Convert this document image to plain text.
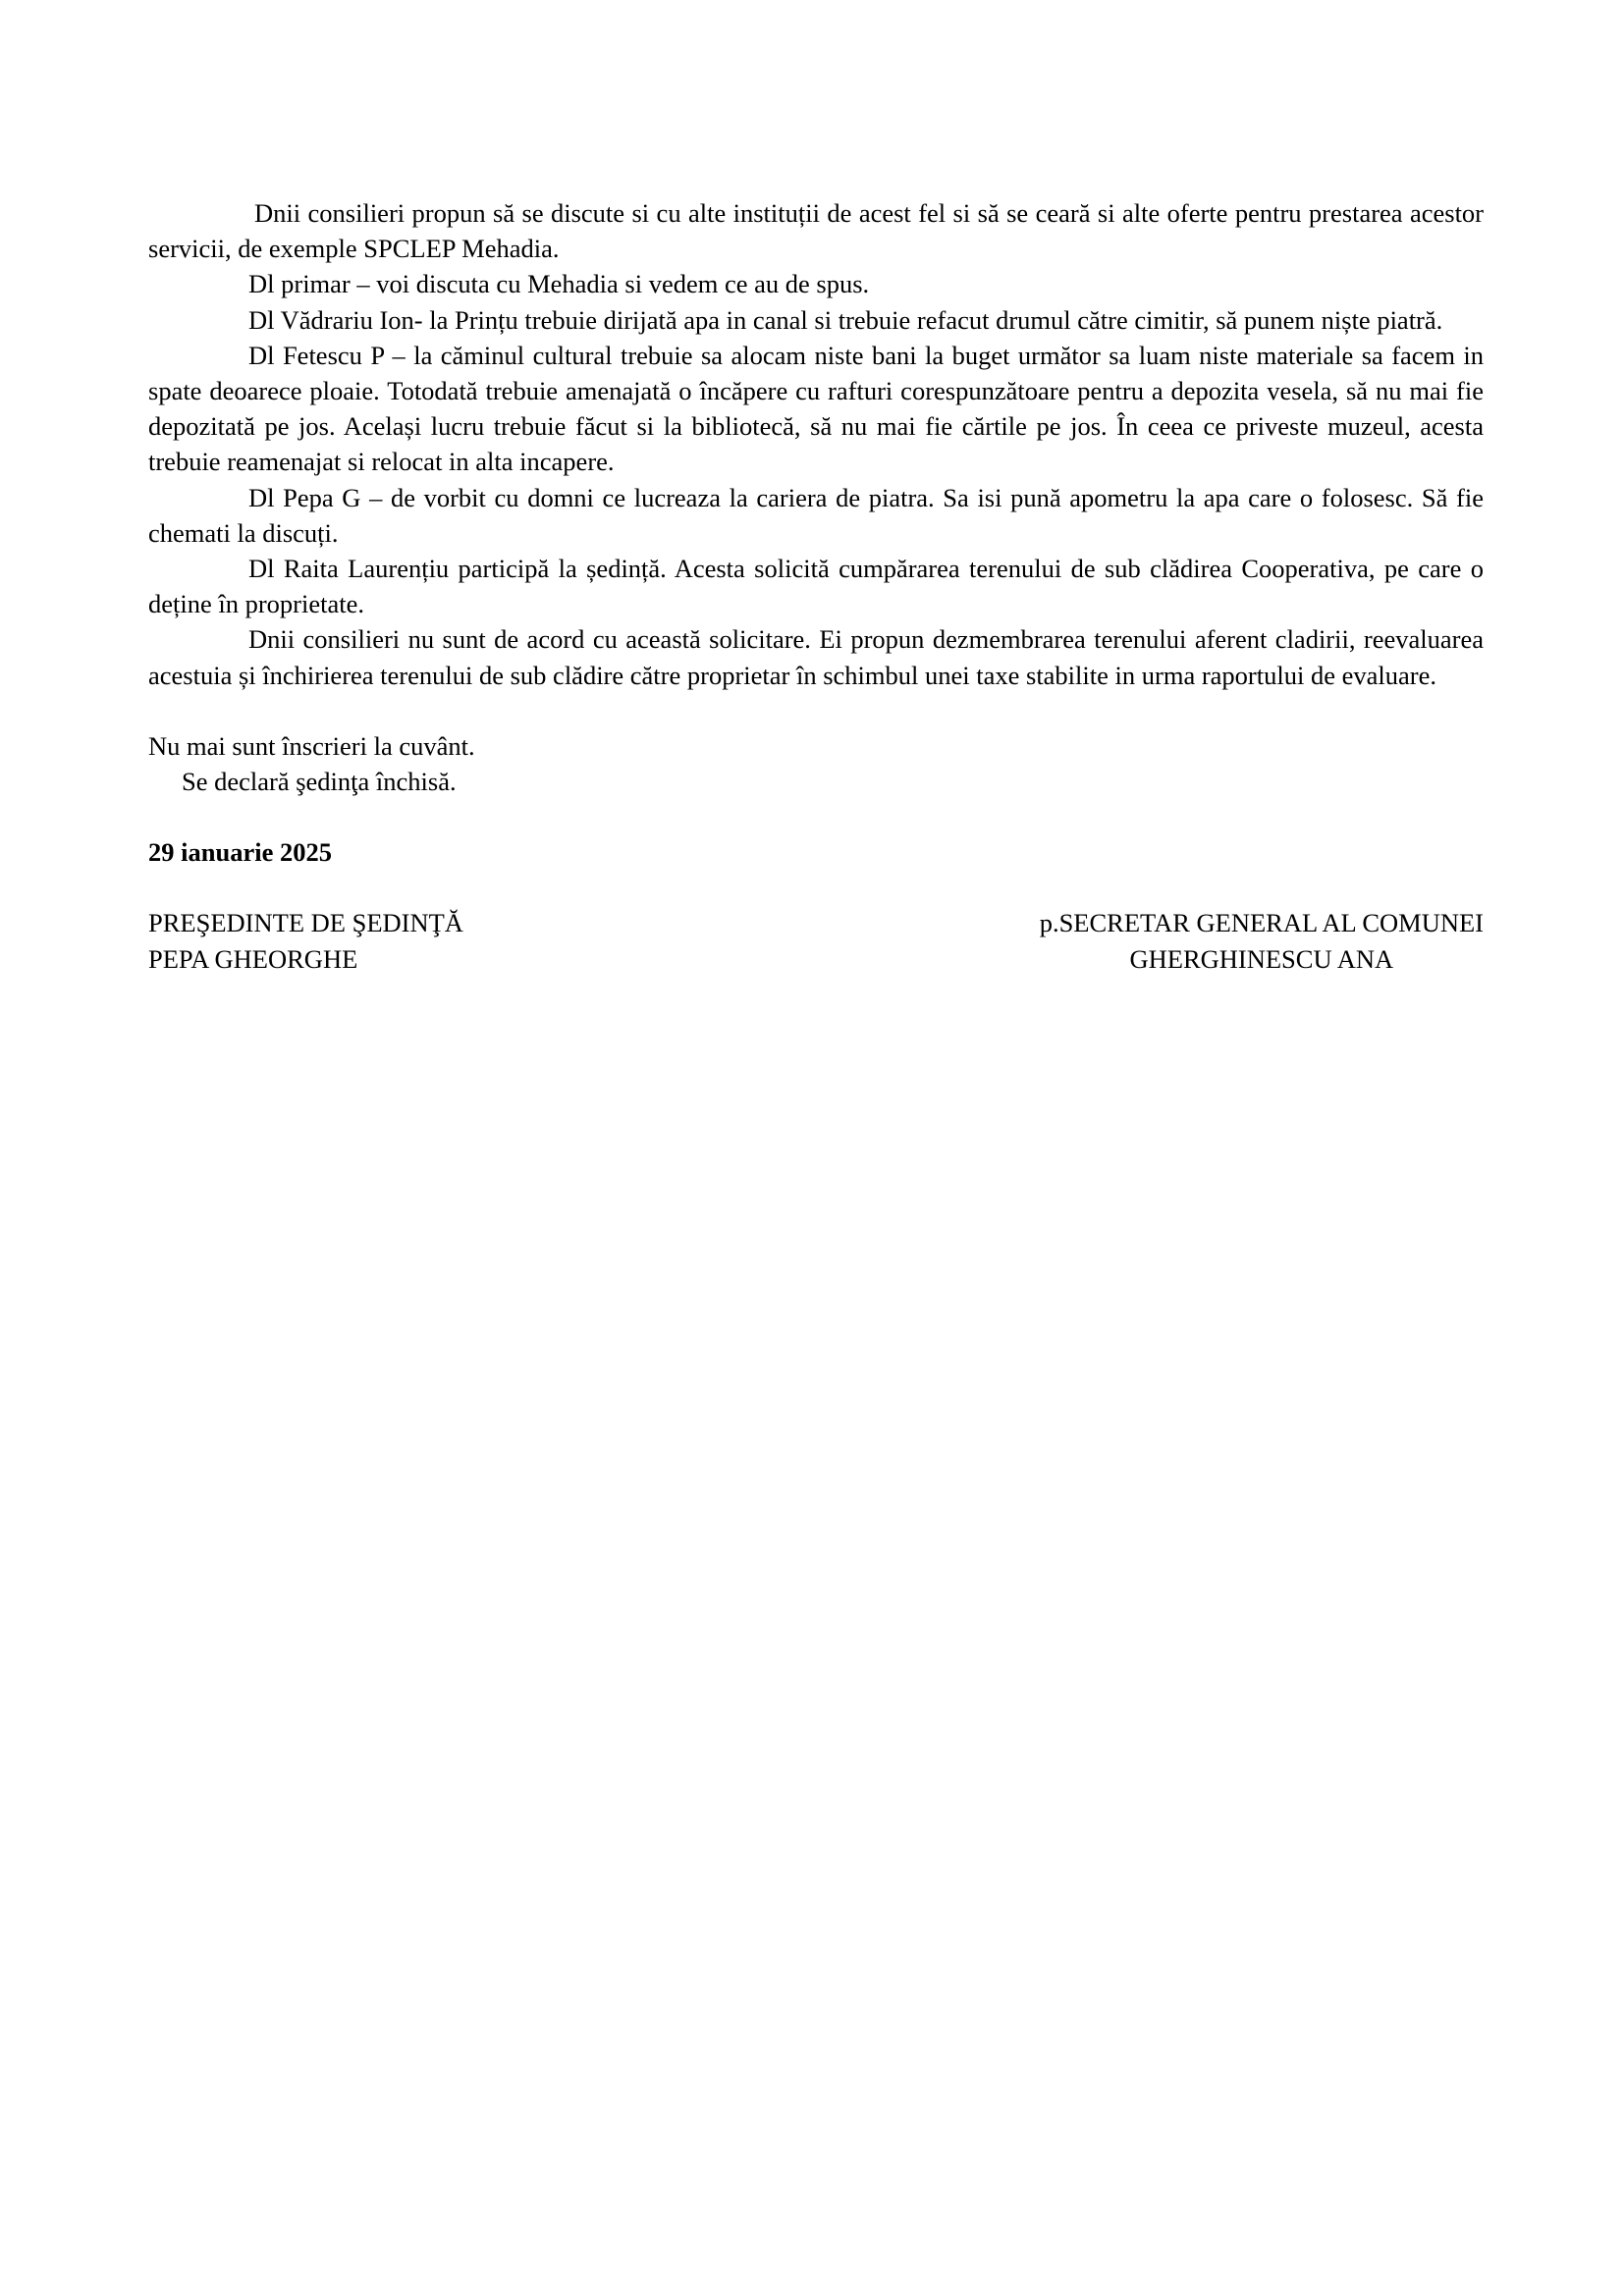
Dnii consilieri propun să se discute si cu alte instituții de acest fel si să se ceară si alte oferte pentru prestarea acestor servicii, de exemple SPCLEP Mehadia.

Dl primar – voi discuta cu Mehadia si vedem ce au de spus.

Dl Vădrariu Ion- la Prințu trebuie dirijată apa in canal si trebuie refacut drumul către cimitir, să punem niște piatră.

Dl Fetescu P – la căminul cultural trebuie sa alocam niste bani la buget următor sa luam niste materiale sa facem in spate deoarece ploaie. Totodată trebuie amenajată o încăpere cu rafturi corespunzătoare pentru a depozita vesela, să nu mai fie depozitată pe jos. Același lucru trebuie făcut si la bibliotecă, să nu mai fie cărtile pe jos. În ceea ce priveste muzeul, acesta trebuie reamenajat si relocat in alta incapere.

Dl Pepa G – de vorbit cu domni ce lucreaza la cariera de piatra. Sa isi pună apometru la apa care o folosesc. Să fie chemati la discuți.

Dl Raita Laurențiu participă la ședință. Acesta solicită cumpărarea terenului de sub clădirea Cooperativa, pe care o deține în proprietate.

Dnii consilieri nu sunt de acord cu această solicitare. Ei propun dezmembrarea terenului aferent cladirii, reevaluarea acestuia și închirierea terenului de sub clădire către proprietar în schimbul unei taxe stabilite in urma raportului de evaluare.

Nu mai sunt înscrieri la cuvânt.
Se declară şedinţa închisă.
29 ianuarie 2025
PREŞEDINTE DE ŞEDINŢĂ
PEPA GHEORGHE
p.SECRETAR GENERAL AL COMUNEI
GHERGHINESCU ANA
